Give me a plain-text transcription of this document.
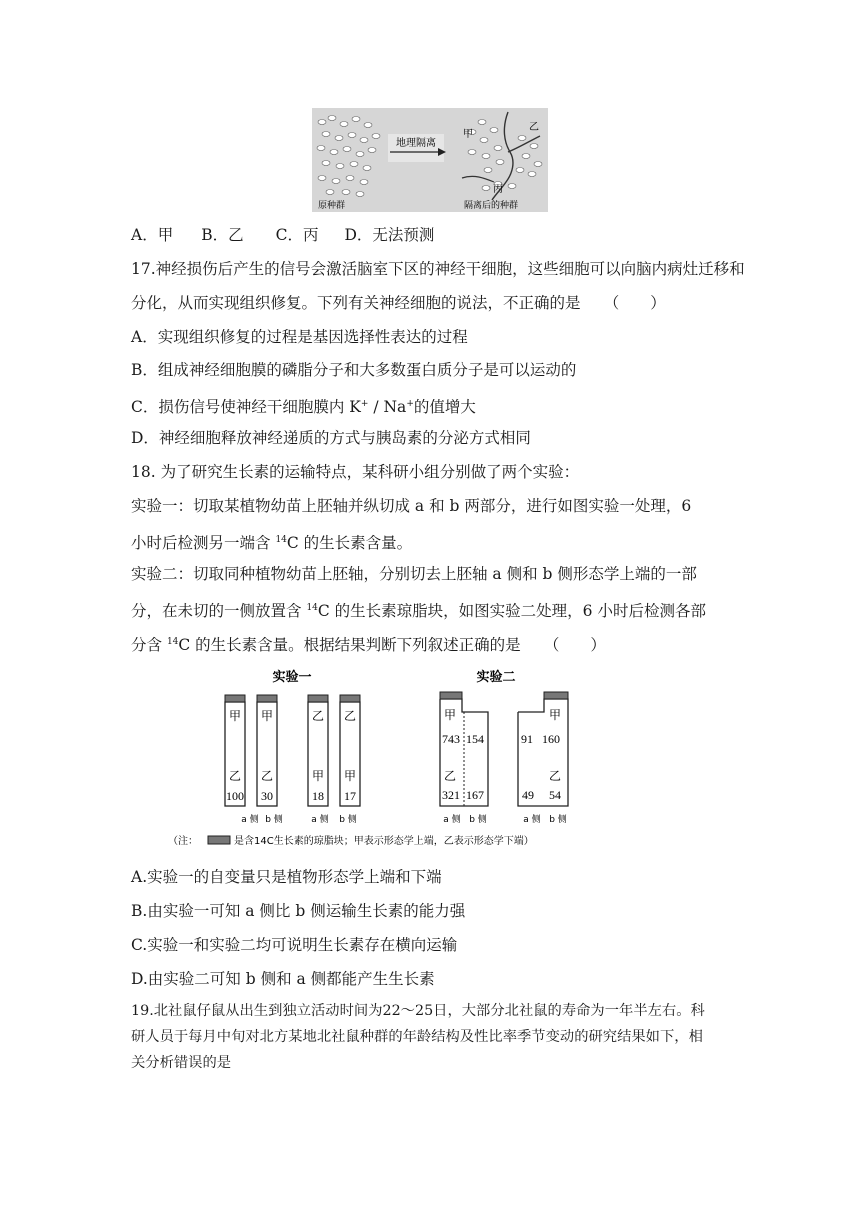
地理隔离
甲
乙
丙
原种群	隔离后的种群
A．甲 B．乙 C．丙 D．无法预测
17.神经损伤后产生的信号会激活脑室下区的神经干细胞，这些细胞可以向脑内病灶迁移和
分化，从而实现组织修复。下列有关神经细胞的说法，不正确的是　　（　　）
A．实现组织修复的过程是基因选择性表达的过程
B．组成神经细胞膜的磷脂分子和大多数蛋白质分子是可以运动的
C．损伤信号使神经干细胞膜内 K+ / Na+的值增大
D．神经细胞释放神经递质的方式与胰岛素的分泌方式相同
18. 为了研究生长素的运输特点，某科研小组分别做了两个实验：
实验一：切取某植物幼苗上胚轴并纵切成 a 和 b 两部分，进行如图实验一处理，6
小时后检测另一端含 $^{14}$C 的生长素含量。
实验二：切取同种植物幼苗上胚轴，分别切去上胚轴 a 侧和 b 侧形态学上端的一部
分，在未切的一侧放置含 $^{14}$C 的生长素琼脂块，如图实验二处理，6 小时后检测各部
分含 $^{14}$C 的生长素含量。根据结果判断下列叙述正确的是　　（　　）
实验一	实验二
甲 甲	乙 乙
乙 乙	甲 甲
100 30	18 17
a 侧 b 侧	a 侧 b 侧
甲
743 154
乙
321 167
甲
91 160
乙
49 54
a 侧 b 侧	a 侧 b 侧
（注：	是含14C生长素的琼脂块；甲表示形态学上端，乙表示形态学下端）
A.实验一的自变量只是植物形态学上端和下端
B.由实验一可知 a 侧比 b 侧运输生长素的能力强
C.实验一和实验二均可说明生长素存在横向运输
D.由实验二可知 b 侧和 a 侧都能产生生长素
19.北社鼠仔鼠从出生到独立活动时间为22～25日，大部分北社鼠的寿命为一年半左右。科
研人员于每月中旬对北方某地北社鼠种群的年龄结构及性比率季节变动的研究结果如下，相
关分析错误的是
